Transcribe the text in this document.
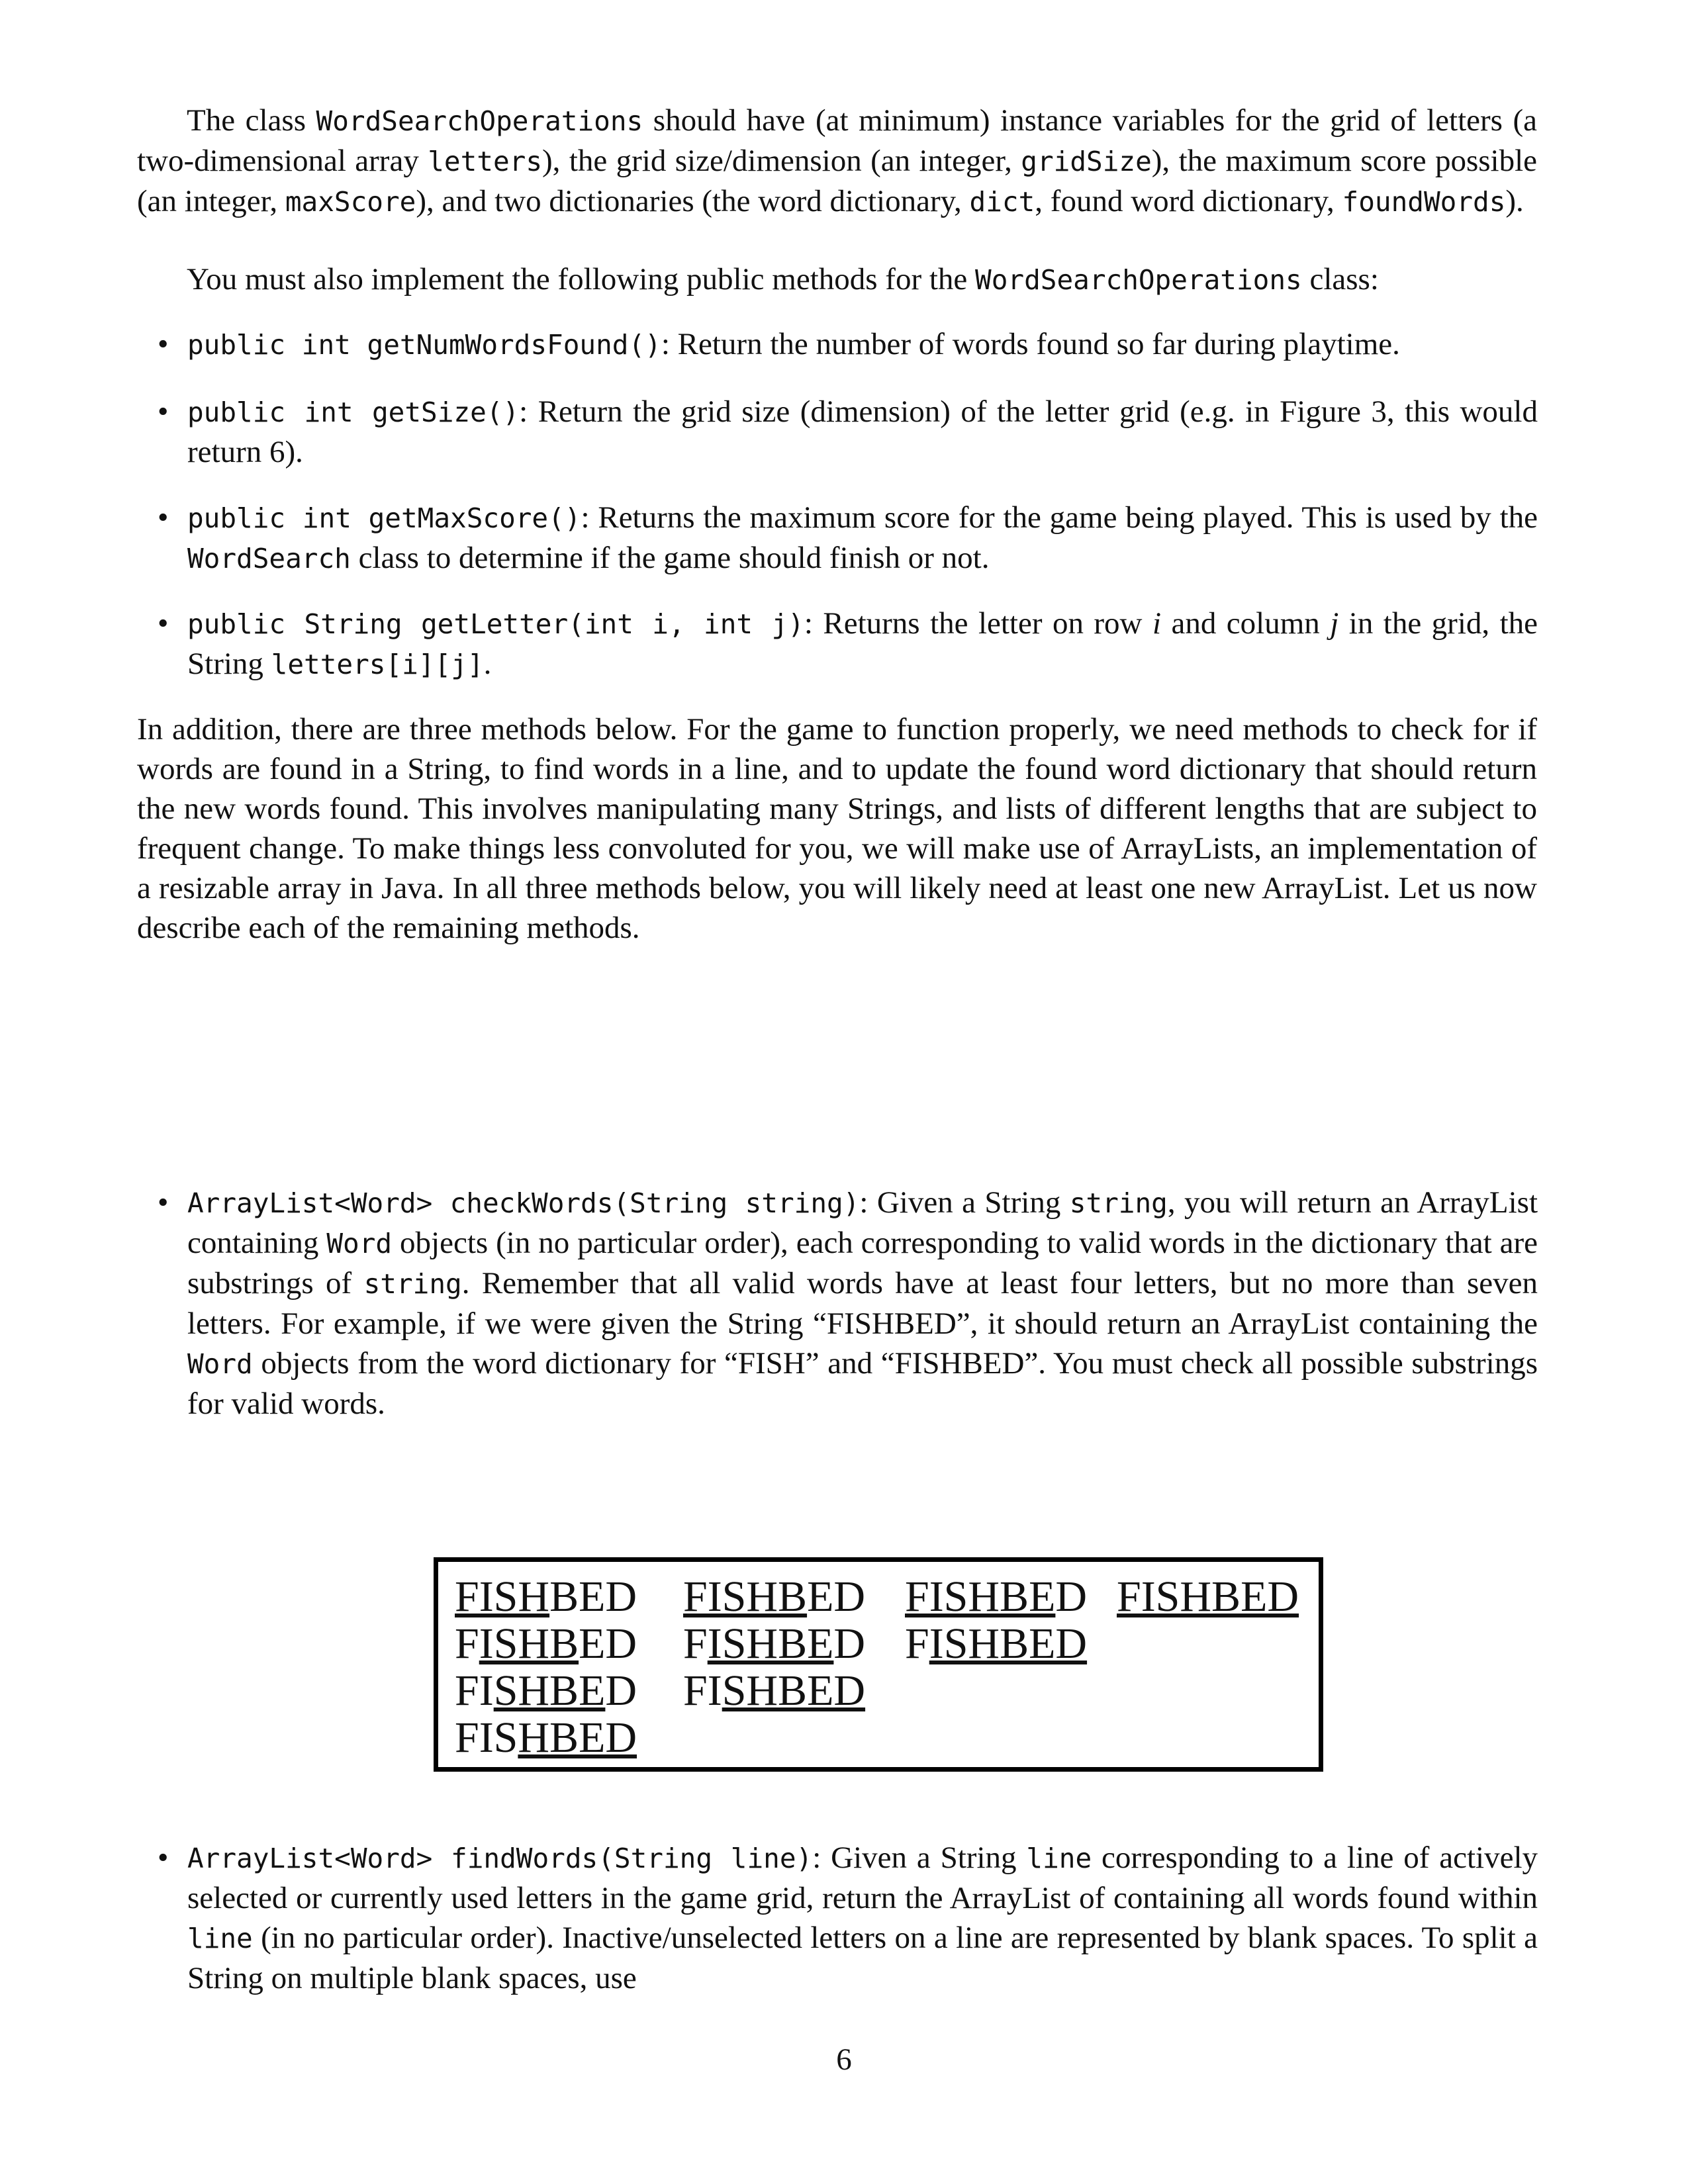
The class WordSearchOperations should have (at minimum) instance variables for the grid of letters (a two-dimensional array letters), the grid size/dimension (an integer, gridSize), the maximum score possible (an integer, maxScore), and two dictionaries (the word dictionary, dict, found word dictionary, foundWords).
You must also implement the following public methods for the WordSearchOperations class:
• public int getNumWordsFound(): Return the number of words found so far during playtime.
• public int getSize(): Return the grid size (dimension) of the letter grid (e.g. in Figure 3, this would return 6).
• public int getMaxScore(): Returns the maximum score for the game being played. This is used by the WordSearch class to determine if the game should finish or not.
• public String getLetter(int i, int j): Returns the letter on row i and column j in the grid, the String letters[i][j].
In addition, there are three methods below. For the game to function properly, we need methods to check for if words are found in a String, to find words in a line, and to update the found word dictionary that should return the new words found. This involves manipulating many Strings, and lists of different lengths that are subject to frequent change. To make things less convoluted for you, we will make use of ArrayLists, an implementation of a resizable array in Java. In all three methods below, you will likely need at least one new ArrayList. Let us now describe each of the remaining methods.
• ArrayList<Word> checkWords(String string): Given a String string, you will return an ArrayList containing Word objects (in no particular order), each corresponding to valid words in the dictionary that are substrings of string. Remember that all valid words have at least four letters, but no more than seven letters. For example, if we were given the String “FISHBED”, it should return an ArrayList containing the Word objects from the word dictionary for “FISH” and “FISHBED”. You must check all possible substrings for valid words.
FISHBED FISHBED FISHBED FISHBED
FISHBED FISHBED FISHBED
FISHBED FISHBED
FISHBED
• ArrayList<Word> findWords(String line): Given a String line corresponding to a line of actively selected or currently used letters in the game grid, return the ArrayList of containing all words found within line (in no particular order). Inactive/unselected letters on a line are represented by blank spaces. To split a String on multiple blank spaces, use
6
